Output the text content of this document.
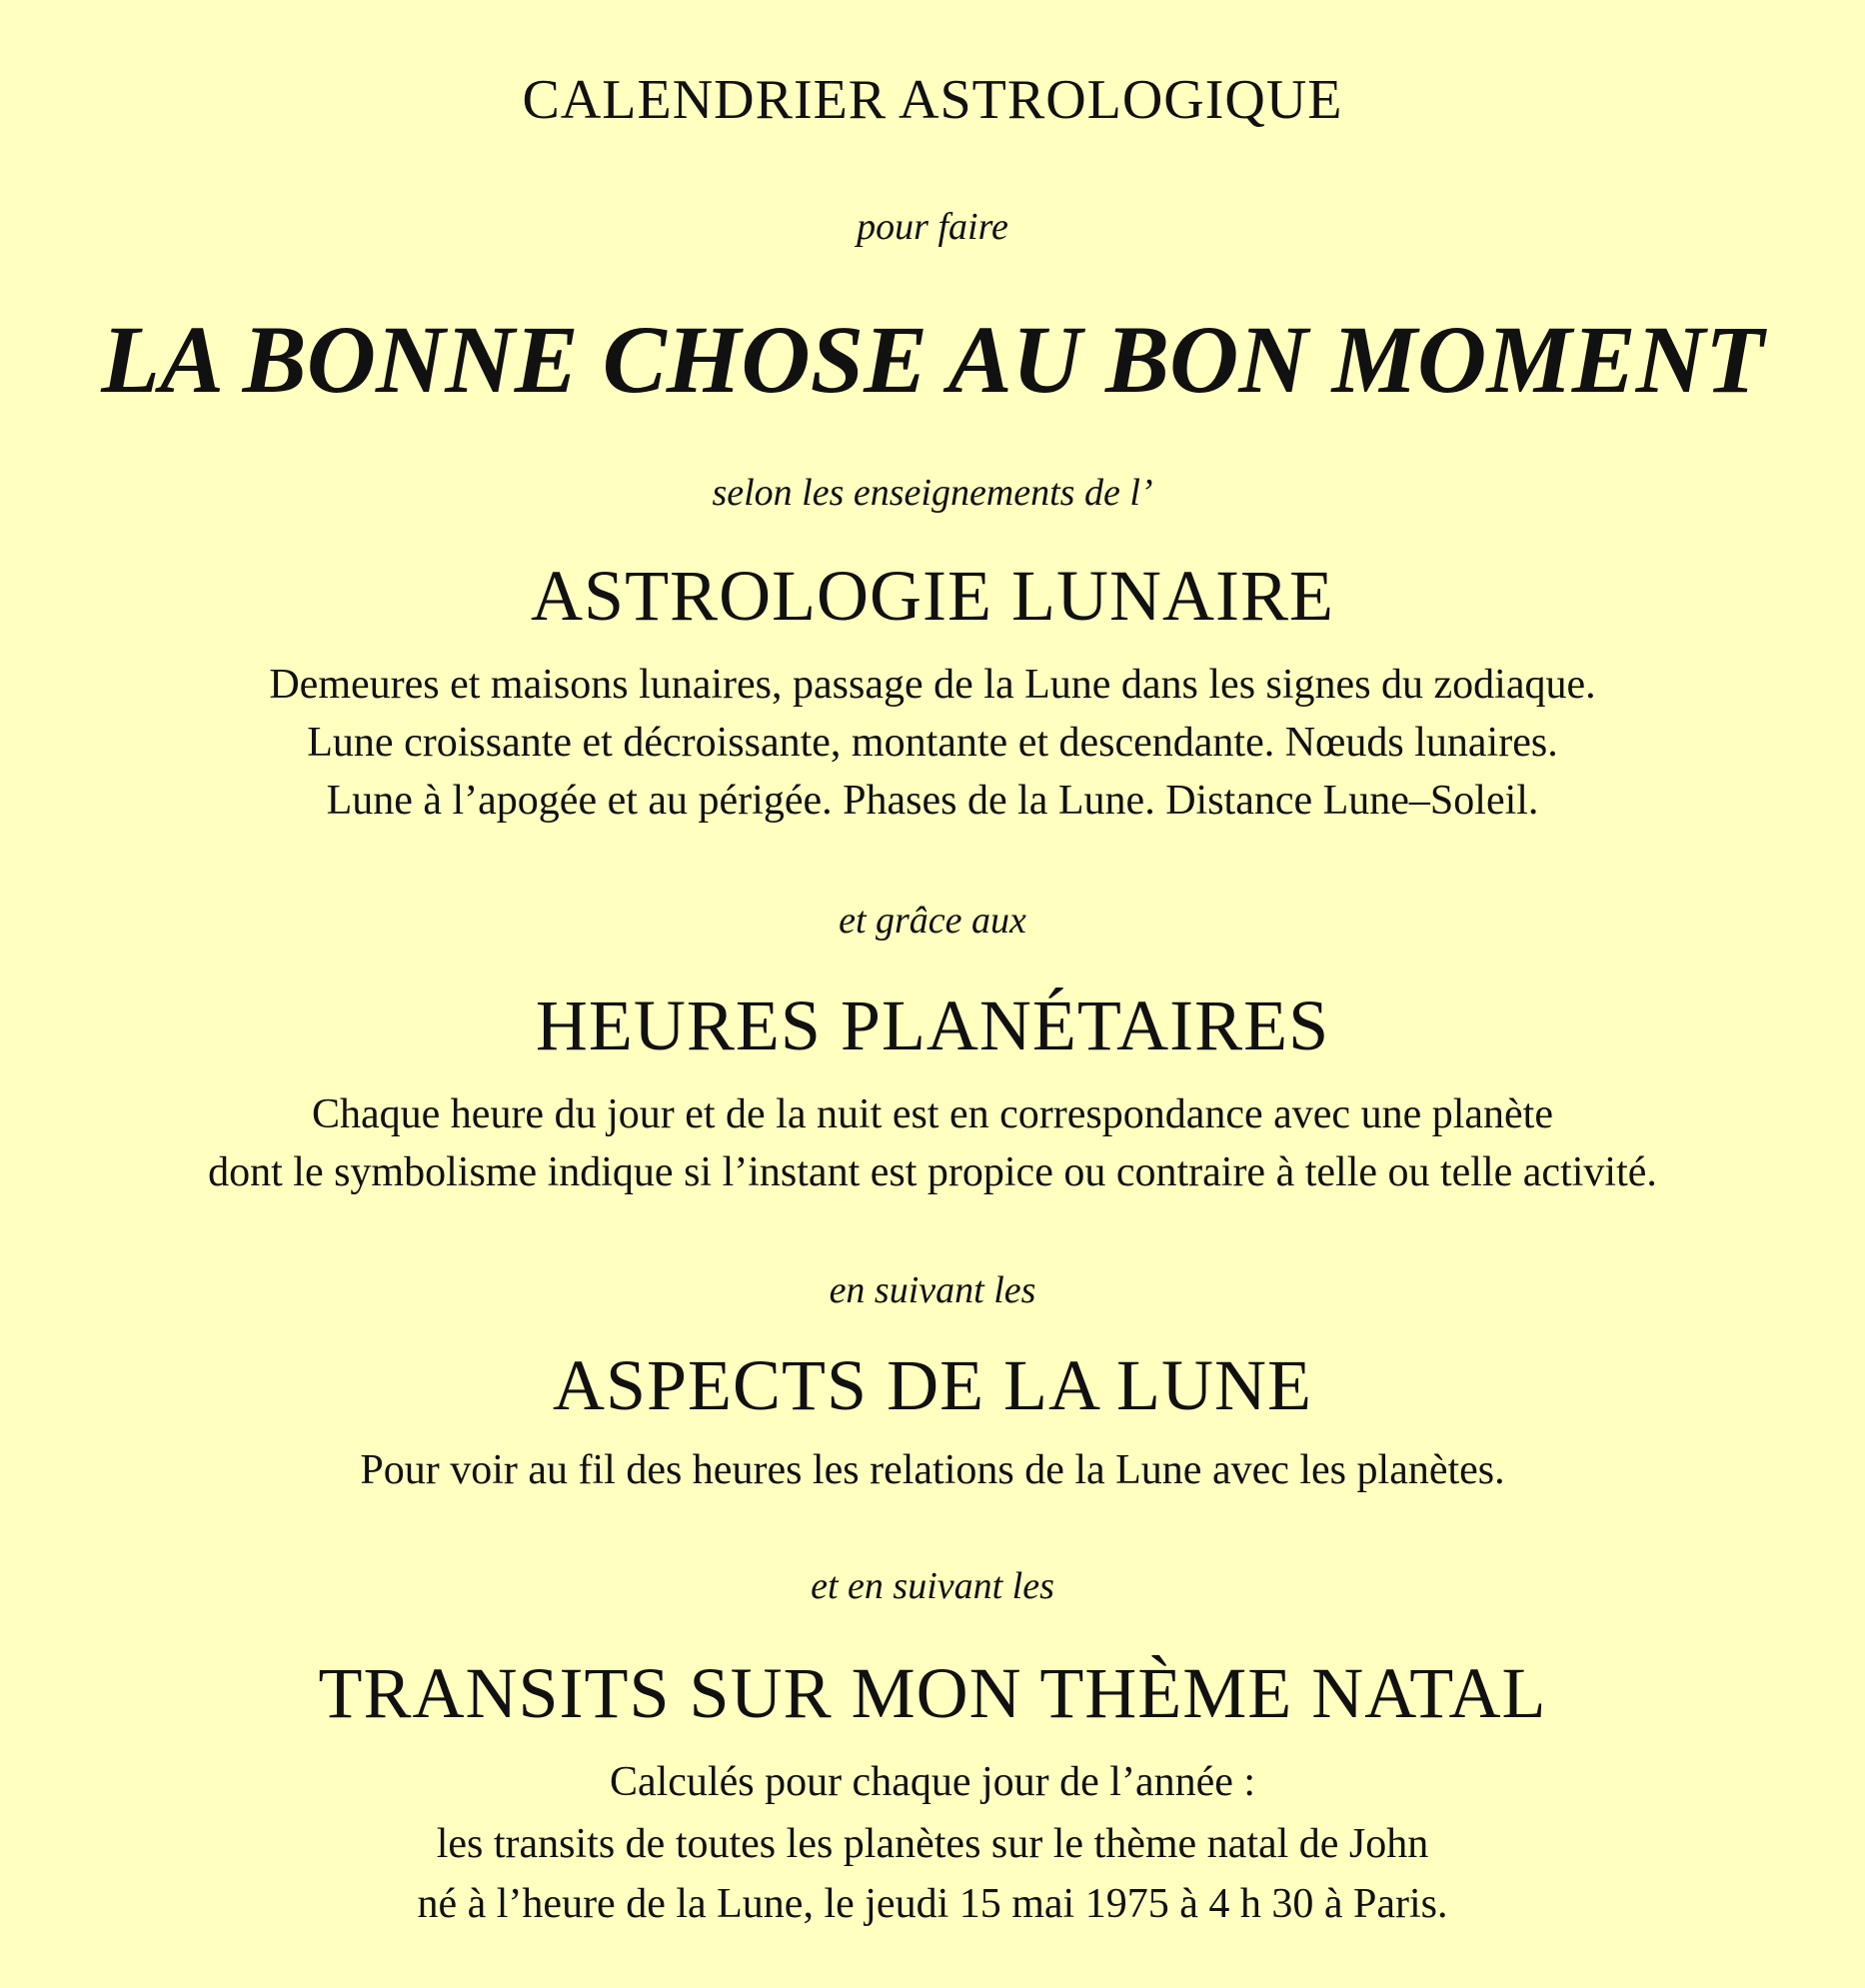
CALENDRIER ASTROLOGIQUE
pour faire
LA BONNE CHOSE AU BON MOMENT
selon les enseignements de l’
ASTROLOGIE LUNAIRE
Demeures et maisons lunaires, passage de la Lune dans les signes du zodiaque.
Lune croissante et décroissante, montante et descendante. Nœuds lunaires.
Lune à l’apogée et au périgée. Phases de la Lune. Distance Lune–Soleil.
et grâce aux
HEURES PLANÉTAIRES
Chaque heure du jour et de la nuit est en correspondance avec une planète
dont le symbolisme indique si l’instant est propice ou contraire à telle ou telle activité.
en suivant les
ASPECTS DE LA LUNE
Pour voir au fil des heures les relations de la Lune avec les planètes.
et en suivant les
TRANSITS SUR MON THÈME NATAL
Calculés pour chaque jour de l’année :
les transits de toutes les planètes sur le thème natal de John
né à l’heure de la Lune, le jeudi 15 mai 1975 à 4 h 30 à Paris.
